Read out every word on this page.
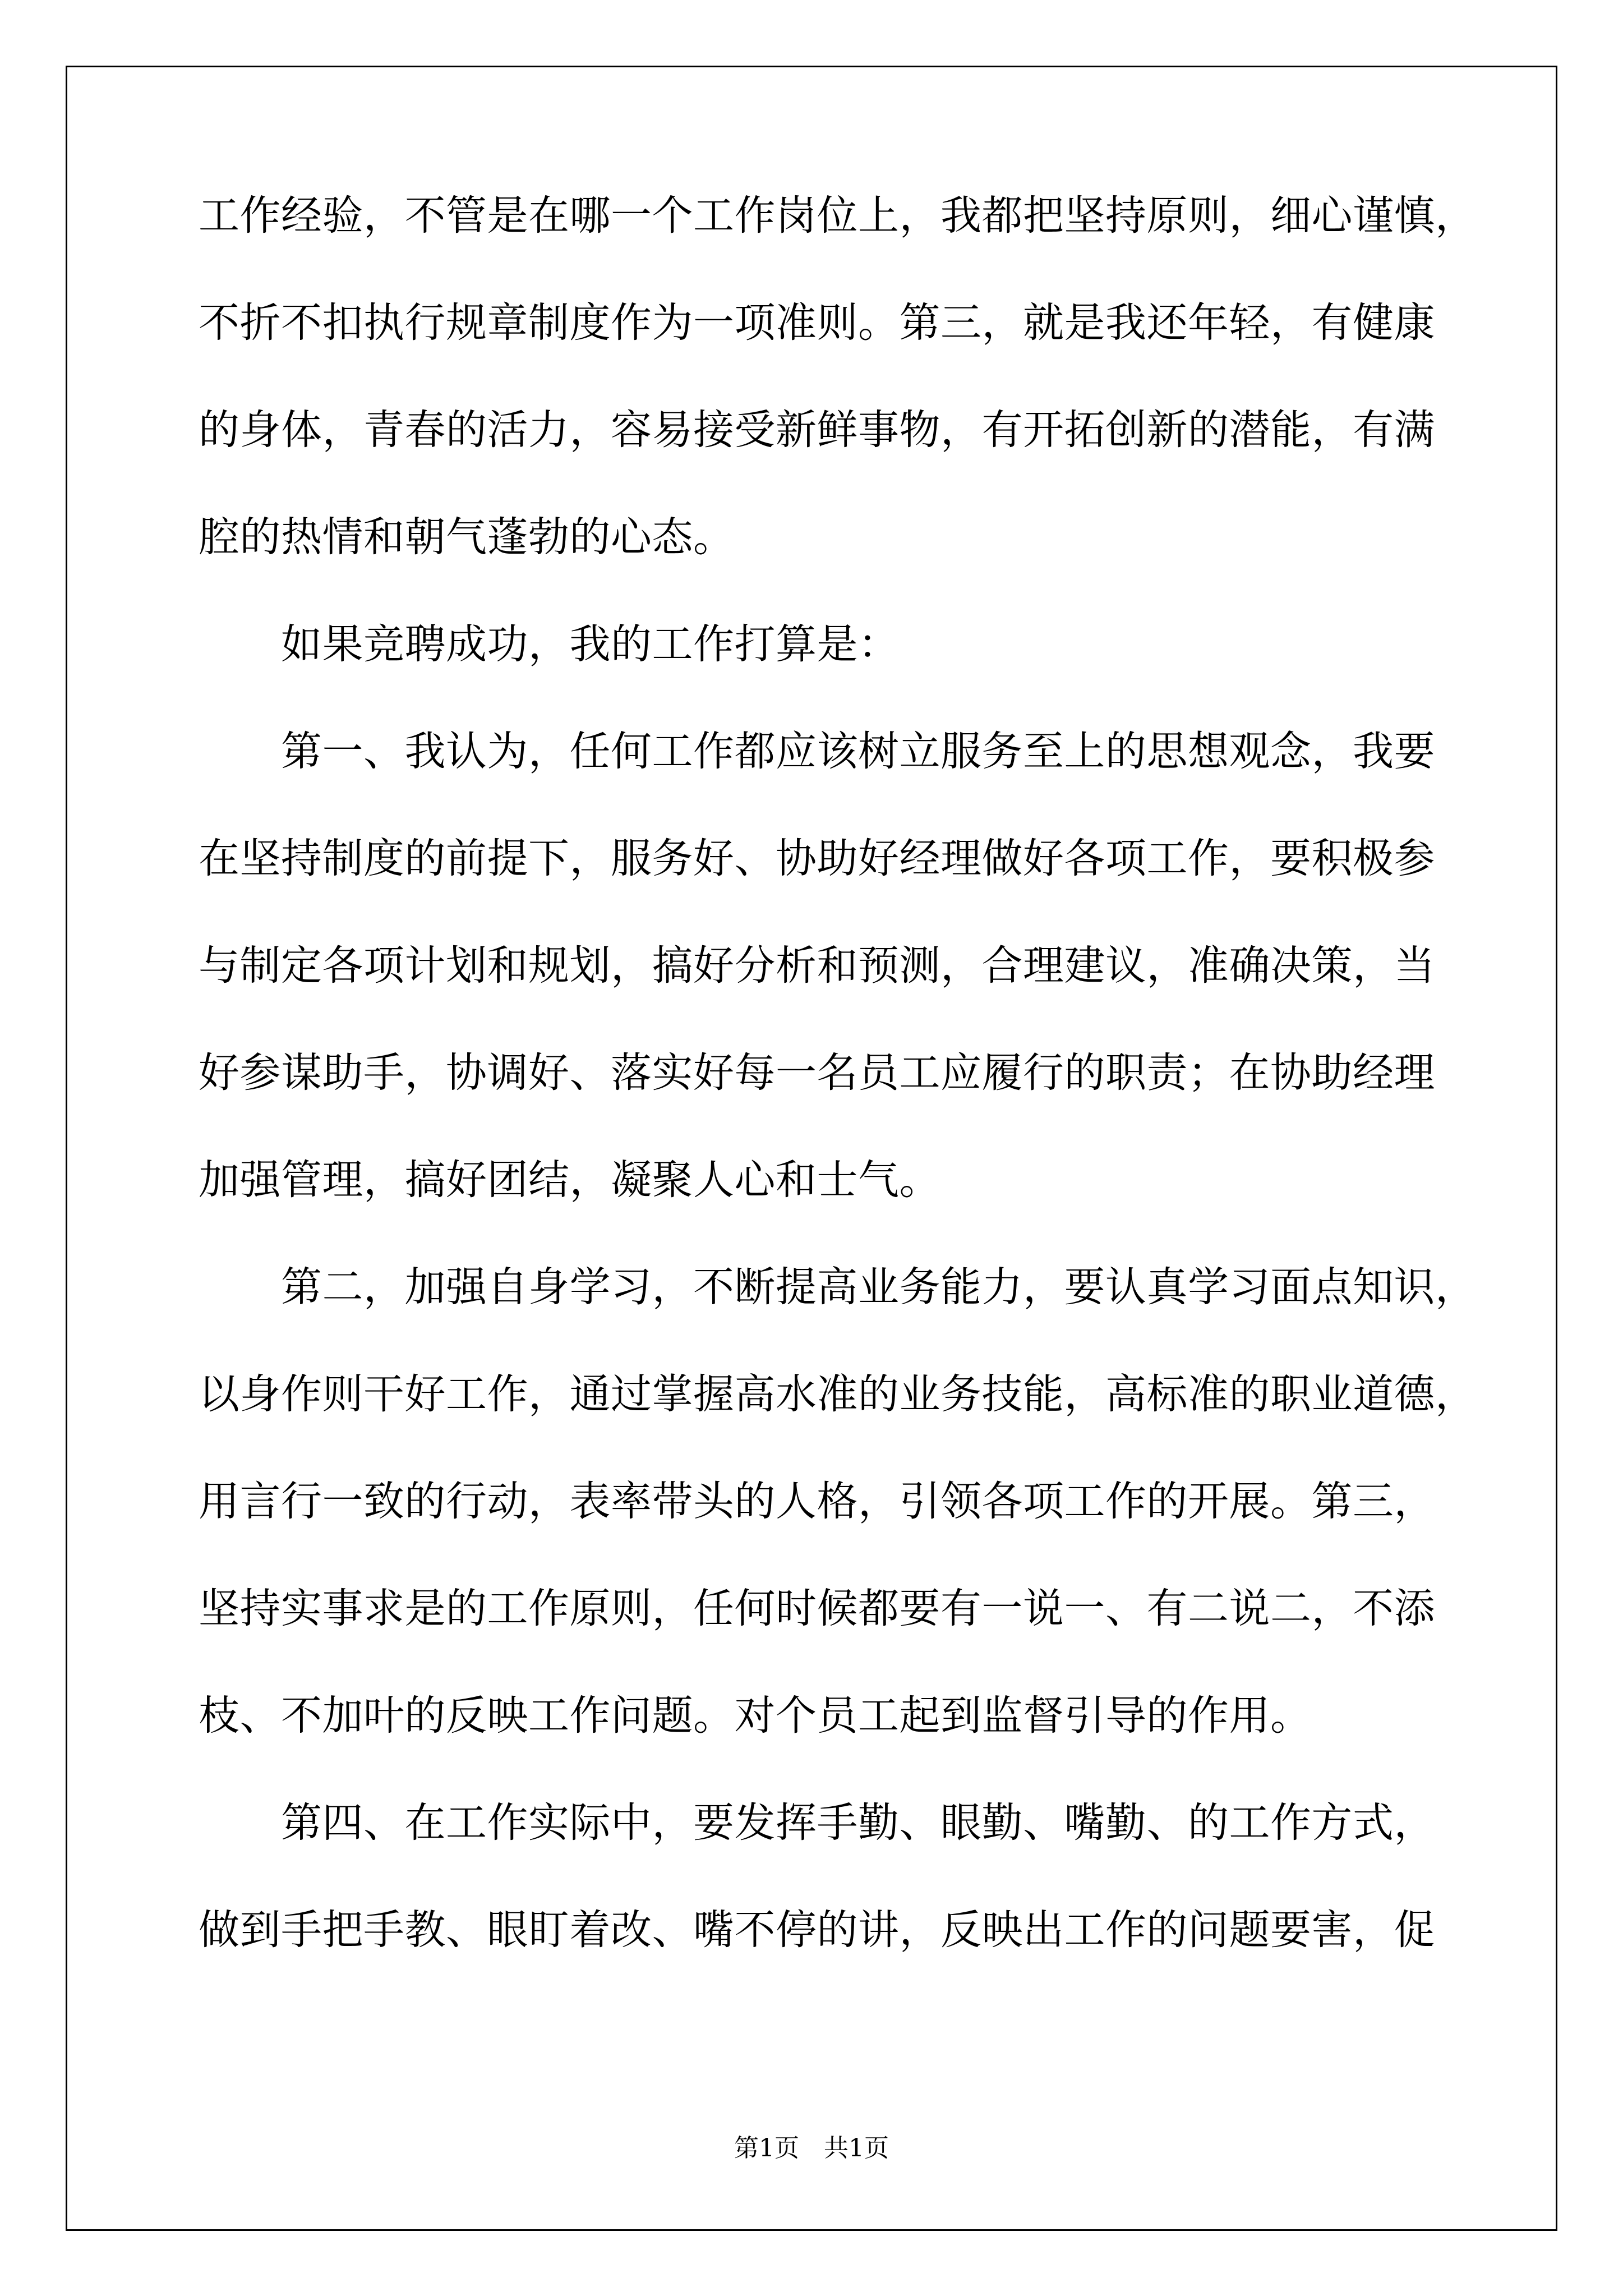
工作经验，不管是在哪一个工作岗位上，我都把坚持原则，细心谨慎，
不折不扣执行规章制度作为一项准则。第三，就是我还年轻，有健康
的身体，青春的活力，容易接受新鲜事物，有开拓创新的潜能，有满
腔的热情和朝气蓬勃的心态。
　　如果竞聘成功，我的工作打算是：
　　第一、我认为，任何工作都应该树立服务至上的思想观念，我要
在坚持制度的前提下，服务好、协助好经理做好各项工作，要积极参
与制定各项计划和规划，搞好分析和预测，合理建议，准确决策，当
好参谋助手，协调好、落实好每一名员工应履行的职责；在协助经理
加强管理，搞好团结，凝聚人心和士气。
　　第二，加强自身学习，不断提高业务能力，要认真学习面点知识，
以身作则干好工作，通过掌握高水准的业务技能，高标准的职业道德，
用言行一致的行动，表率带头的人格，引领各项工作的开展。第三，
坚持实事求是的工作原则，任何时候都要有一说一、有二说二，不添
枝、不加叶的反映工作问题。对个员工起到监督引导的作用。
　　第四、在工作实际中，要发挥手勤、眼勤、嘴勤、的工作方式，
做到手把手教、眼盯着改、嘴不停的讲，反映出工作的问题要害，促
第1页　共1页
